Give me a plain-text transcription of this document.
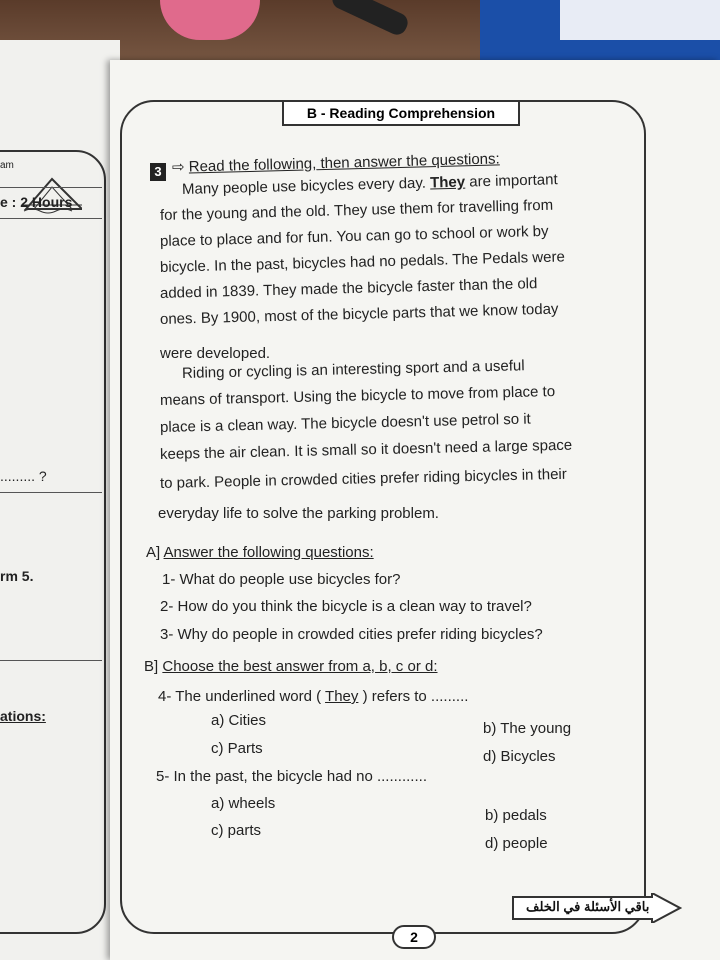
am
e : 2 Hours
......... ?
rm 5.
ations:
B - Reading Comprehension
3 ⇨ Read the following, then answer the questions:
Many people use bicycles every day. They are important
for the young and the old. They use them for travelling from
place to place and for fun. You can go to school or work by
bicycle. In the past, bicycles had no pedals. The Pedals were
added in 1839. They made the bicycle faster than the old
ones. By 1900, most of the bicycle parts that we know today
were developed.
Riding or cycling is an interesting sport and a useful
means of transport. Using the bicycle to move from place to
place is a clean way. The bicycle doesn't use petrol so it
keeps the air clean. It is small so it doesn't need a large space
to park. People in crowded cities prefer riding bicycles in their
everyday life to solve the parking problem.
A] Answer the following questions:
1- What do people use bicycles for?
2- How do you think the bicycle is a clean way to travel?
3- Why do people in crowded cities prefer riding bicycles?
B] Choose the best answer from a, b, c or d:
4- The underlined word ( They ) refers to .........
a) Cities	b) The young
c) Parts	d) Bicycles
5- In the past, the bicycle had no ............
a) wheels
b) pedals
c) parts
d) people
باقي الأسئلة في الخلف
2
